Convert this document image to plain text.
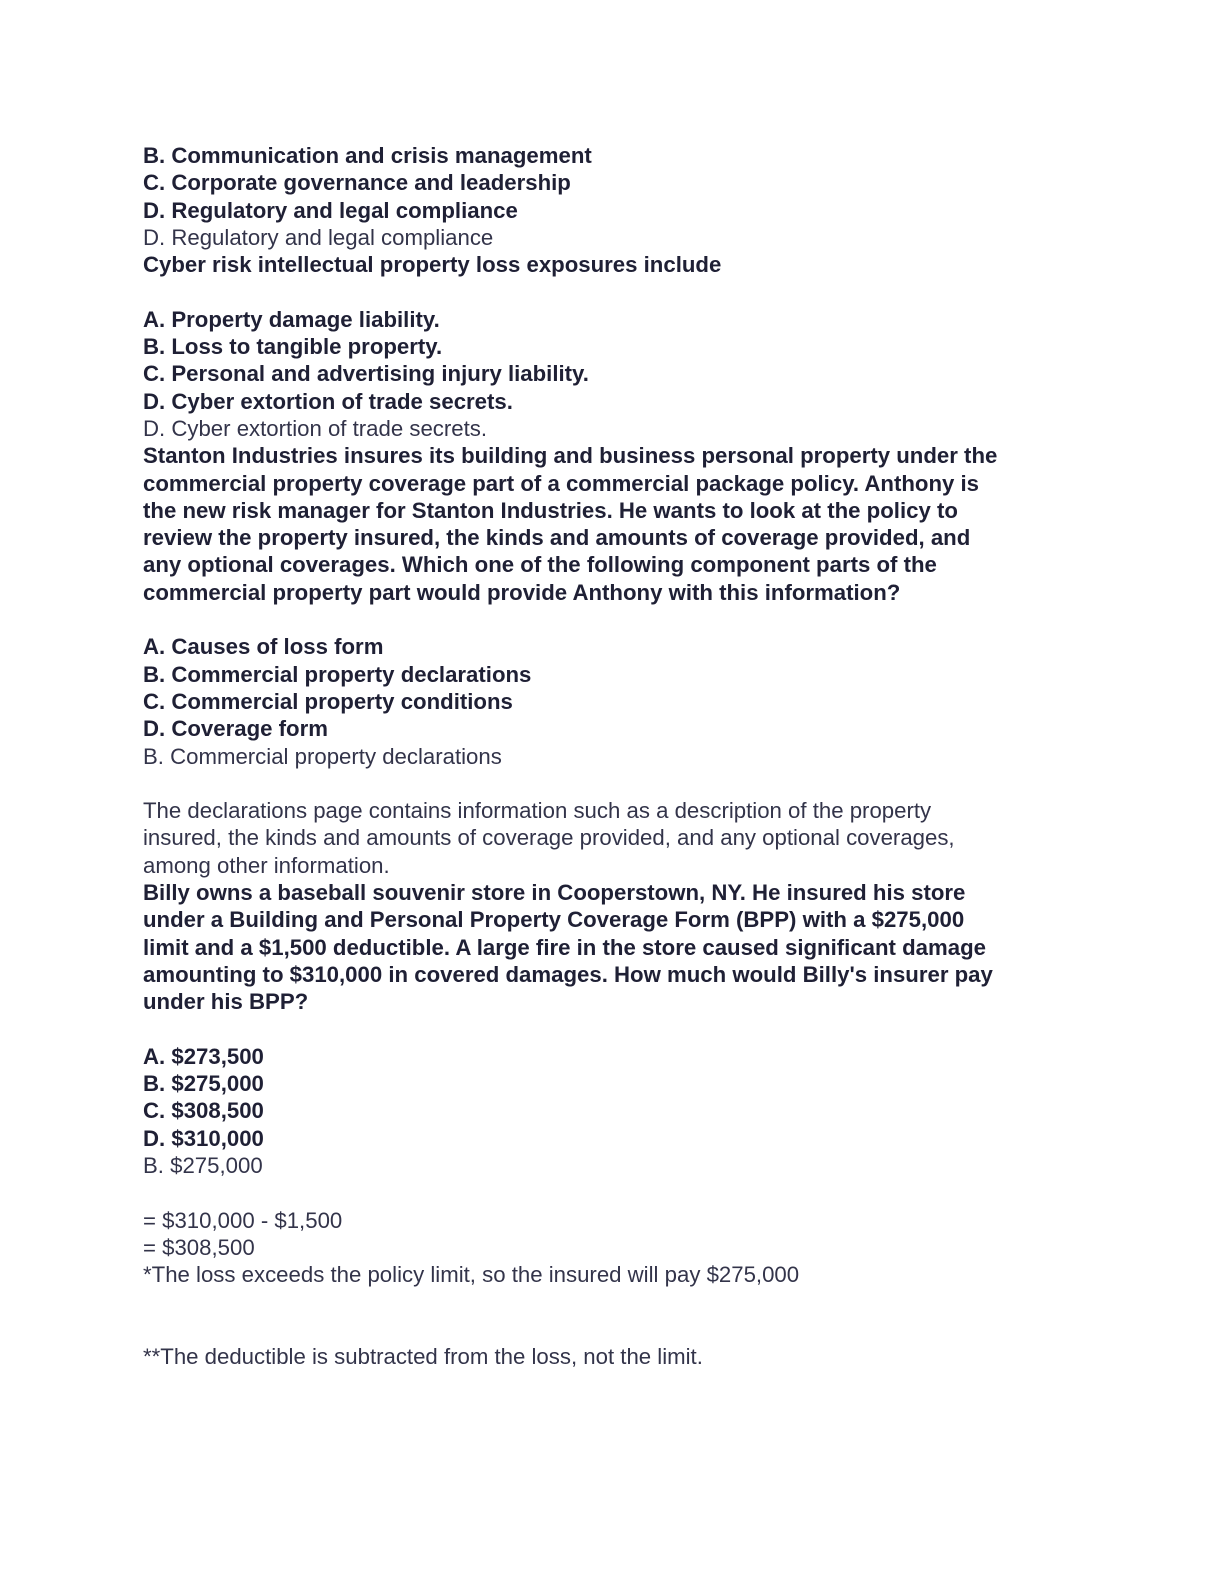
B. Communication and crisis management
C. Corporate governance and leadership
D. Regulatory and legal compliance
D. Regulatory and legal compliance
Cyber risk intellectual property loss exposures include
A. Property damage liability.
B. Loss to tangible property.
C. Personal and advertising injury liability.
D. Cyber extortion of trade secrets.
D. Cyber extortion of trade secrets.
Stanton Industries insures its building and business personal property under the
commercial property coverage part of a commercial package policy. Anthony is
the new risk manager for Stanton Industries. He wants to look at the policy to
review the property insured, the kinds and amounts of coverage provided, and
any optional coverages. Which one of the following component parts of the
commercial property part would provide Anthony with this information?
A. Causes of loss form
B. Commercial property declarations
C. Commercial property conditions
D. Coverage form
B. Commercial property declarations
The declarations page contains information such as a description of the property
insured, the kinds and amounts of coverage provided, and any optional coverages,
among other information.
Billy owns a baseball souvenir store in Cooperstown, NY. He insured his store
under a Building and Personal Property Coverage Form (BPP) with a $275,000
limit and a $1,500 deductible. A large fire in the store caused significant damage
amounting to $310,000 in covered damages. How much would Billy's insurer pay
under his BPP?
A. $273,500
B. $275,000
C. $308,500
D. $310,000
B. $275,000
= $310,000 - $1,500
= $308,500
*The loss exceeds the policy limit, so the insured will pay $275,000
**The deductible is subtracted from the loss, not the limit.
